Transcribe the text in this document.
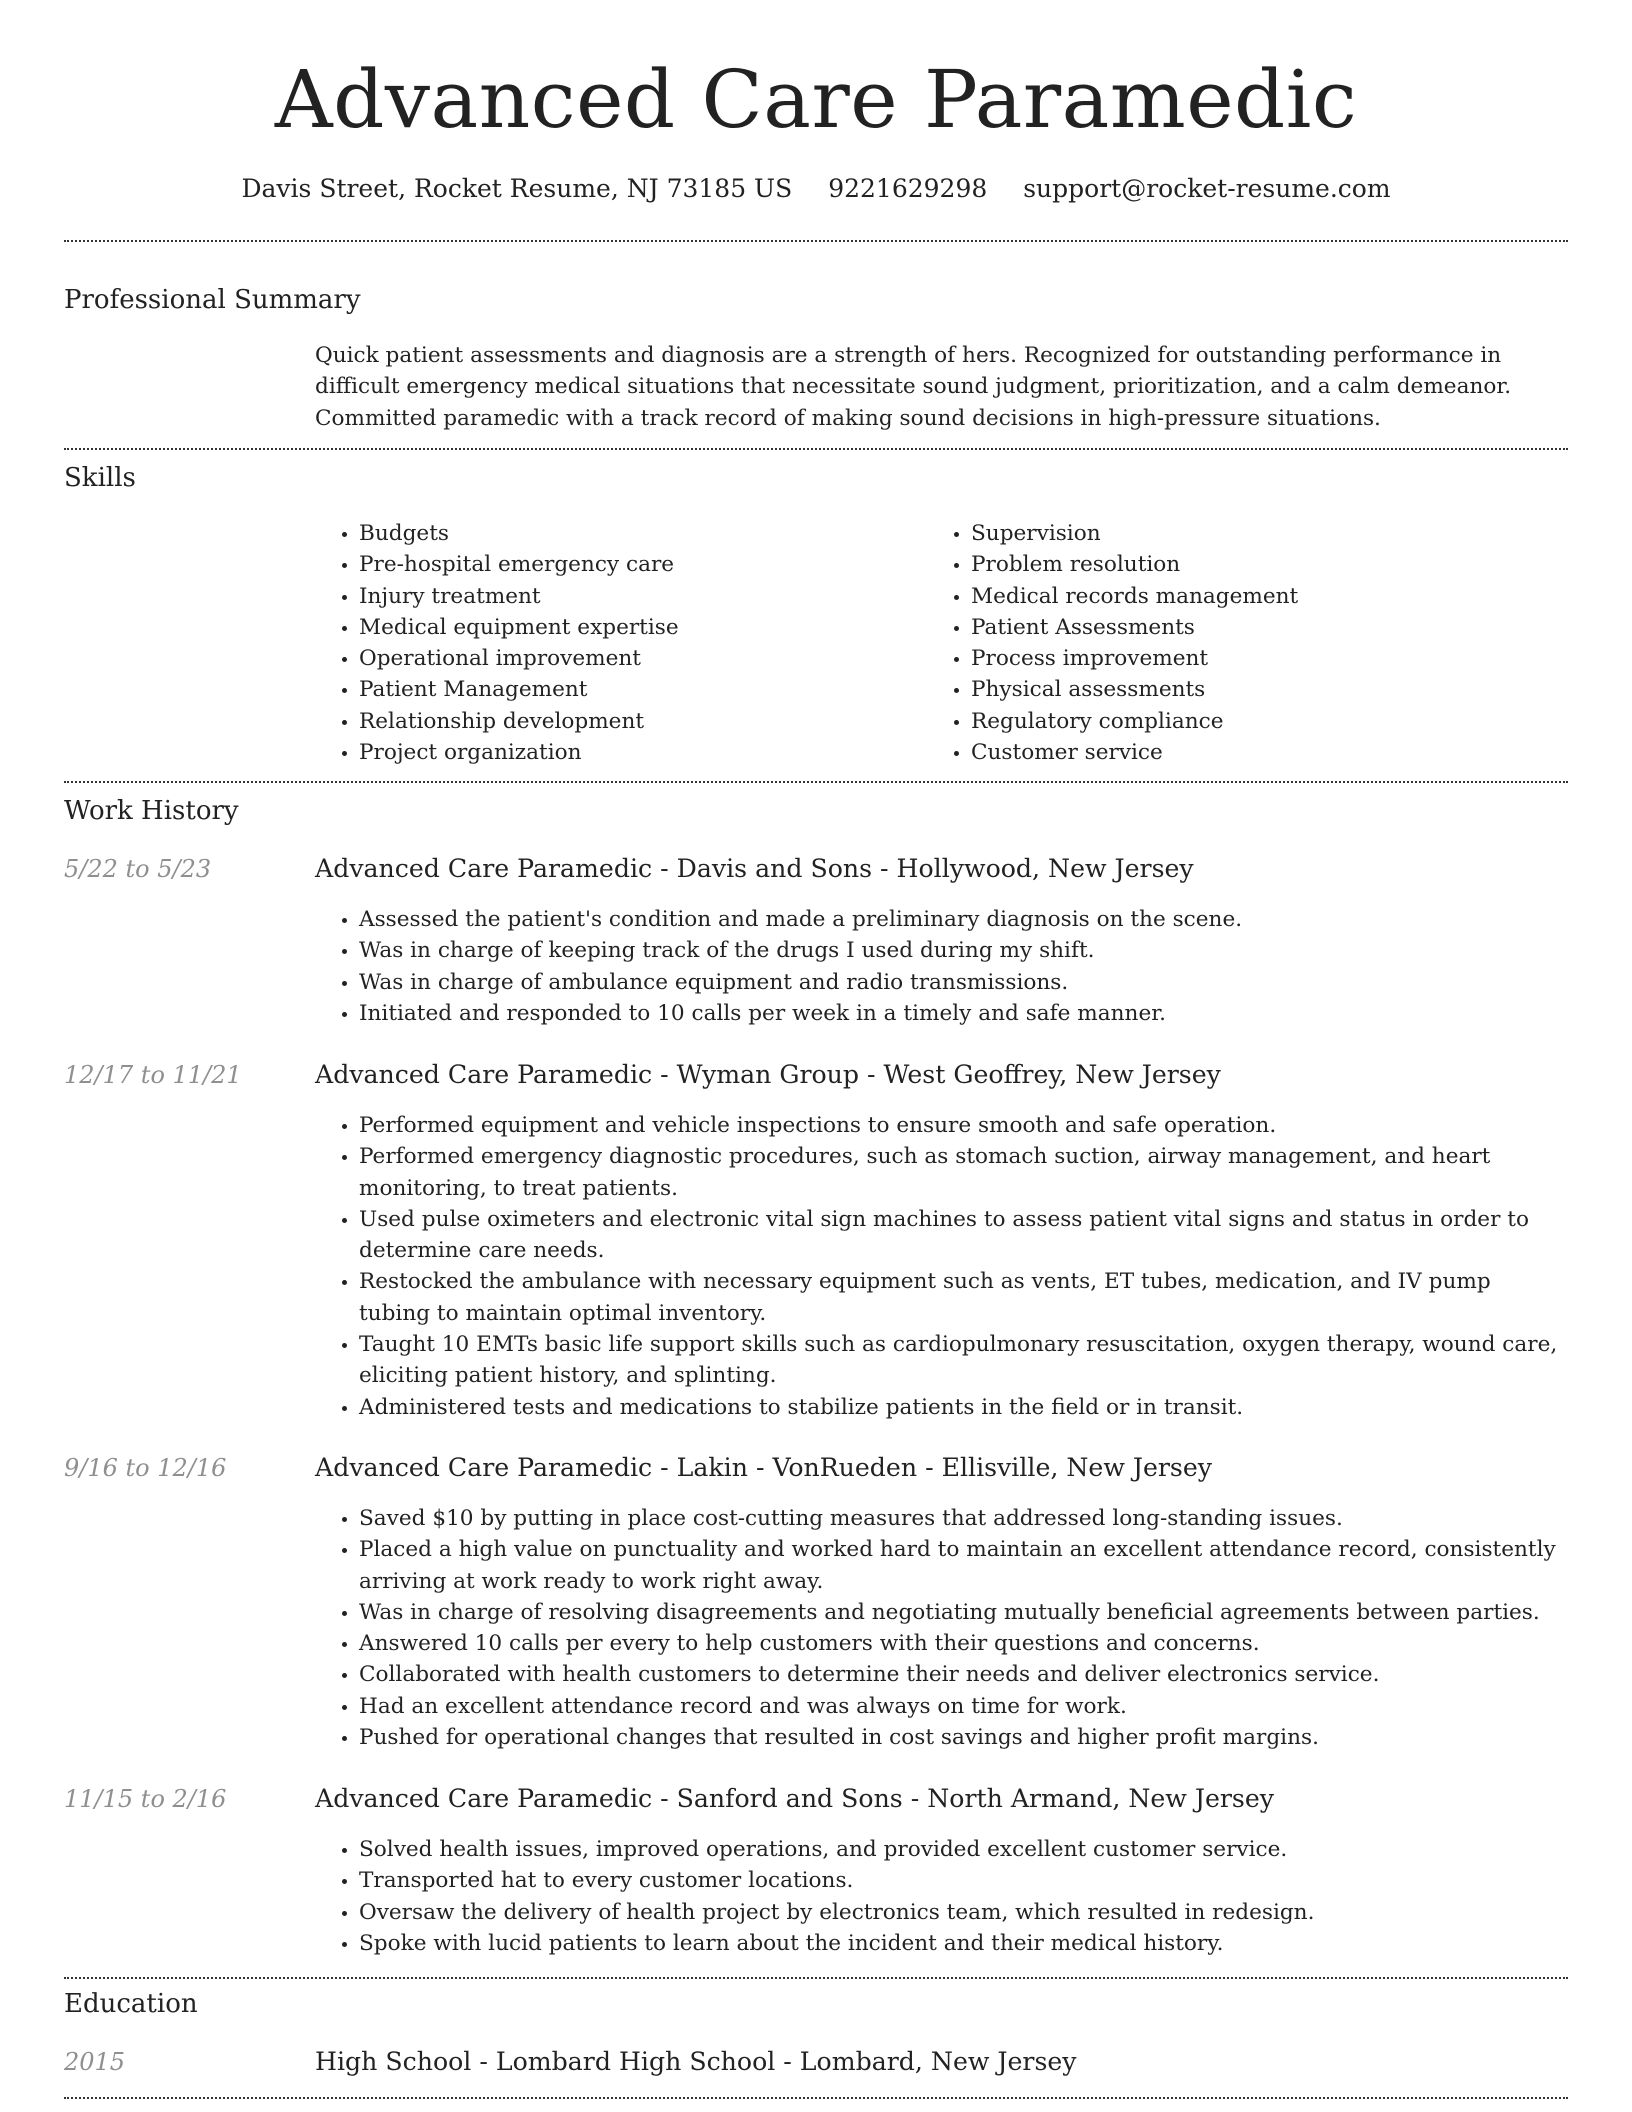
Advanced Care Paramedic
Davis Street, Rocket Resume, NJ 73185 US 9221629298 support@rocket-resume.com
Professional Summary
Quick patient assessments and diagnosis are a strength of hers. Recognized for outstanding performance in difficult emergency medical situations that necessitate sound judgment, prioritization, and a calm demeanor. Committed paramedic with a track record of making sound decisions in high-pressure situations.
Skills
• Budgets
• Pre-hospital emergency care
• Injury treatment
• Medical equipment expertise
• Operational improvement
• Patient Management
• Relationship development
• Project organization
• Supervision
• Problem resolution
• Medical records management
• Patient Assessments
• Process improvement
• Physical assessments
• Regulatory compliance
• Customer service
Work History
5/22 to 5/23	Advanced Care Paramedic - Davis and Sons - Hollywood, New Jersey
• Assessed the patient's condition and made a preliminary diagnosis on the scene.
• Was in charge of keeping track of the drugs I used during my shift.
• Was in charge of ambulance equipment and radio transmissions.
• Initiated and responded to 10 calls per week in a timely and safe manner.
12/17 to 11/21	Advanced Care Paramedic - Wyman Group - West Geoffrey, New Jersey
• Performed equipment and vehicle inspections to ensure smooth and safe operation.
• Performed emergency diagnostic procedures, such as stomach suction, airway management, and heart monitoring, to treat patients.
• Used pulse oximeters and electronic vital sign machines to assess patient vital signs and status in order to determine care needs.
• Restocked the ambulance with necessary equipment such as vents, ET tubes, medication, and IV pump tubing to maintain optimal inventory.
• Taught 10 EMTs basic life support skills such as cardiopulmonary resuscitation, oxygen therapy, wound care, eliciting patient history, and splinting.
• Administered tests and medications to stabilize patients in the field or in transit.
9/16 to 12/16	Advanced Care Paramedic - Lakin - VonRueden - Ellisville, New Jersey
• Saved $10 by putting in place cost-cutting measures that addressed long-standing issues.
• Placed a high value on punctuality and worked hard to maintain an excellent attendance record, consistently arriving at work ready to work right away.
• Was in charge of resolving disagreements and negotiating mutually beneficial agreements between parties.
• Answered 10 calls per every to help customers with their questions and concerns.
• Collaborated with health customers to determine their needs and deliver electronics service.
• Had an excellent attendance record and was always on time for work.
• Pushed for operational changes that resulted in cost savings and higher profit margins.
11/15 to 2/16	Advanced Care Paramedic - Sanford and Sons - North Armand, New Jersey
• Solved health issues, improved operations, and provided excellent customer service.
• Transported hat to every customer locations.
• Oversaw the delivery of health project by electronics team, which resulted in redesign.
• Spoke with lucid patients to learn about the incident and their medical history.
Education
2015	High School - Lombard High School - Lombard, New Jersey
